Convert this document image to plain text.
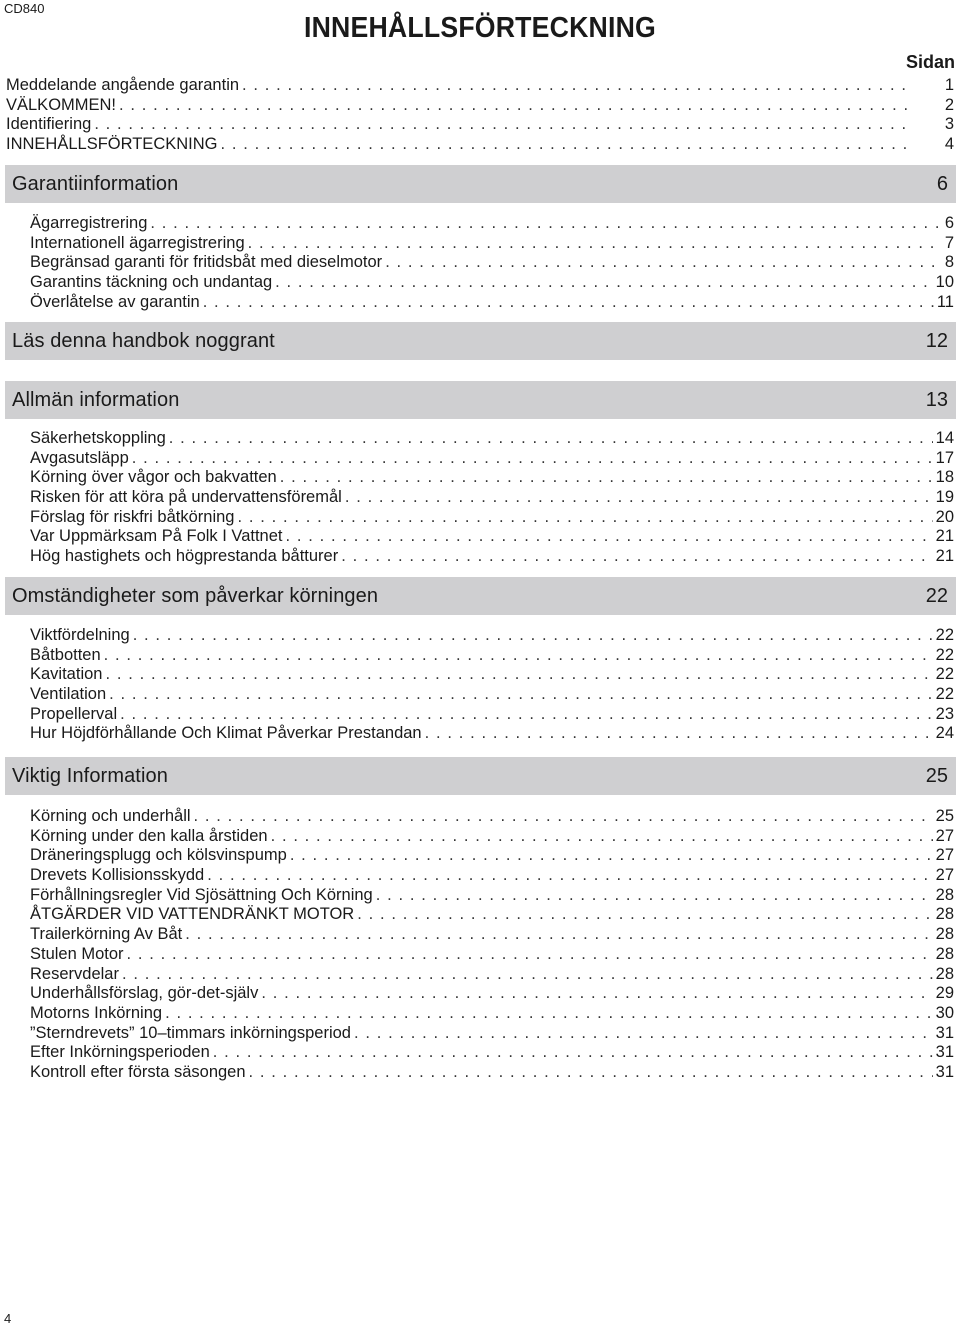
CD840
INNEHÅLLSFÖRTECKNING
Sidan
Meddelande angående garantin . . .	1
VÄLKOMMEN! . . .	2
Identifiering . . .	3
INNEHÅLLSFÖRTECKNING . . .	4
Garantiinformation	6
Ägarregistrering . . .	6
Internationell ägarregistrering . . .	7
Begränsad garanti för fritidsbåt med dieselmotor . . .	8
Garantins täckning och undantag . . .	10
Överlåtelse av garantin . . .	11
Läs denna handbok noggrant	12
Allmän information	13
Säkerhetskoppling . . .	14
Avgasutsläpp . . .	17
Körning över vågor och bakvatten . . .	18
Risken för att köra på undervattensföremål . . .	19
Förslag för riskfri båtkörning . . .	20
Var Uppmärksam På Folk I Vattnet . . .	21
Hög hastighets och högprestanda båtturer . . .	21
Omständigheter som påverkar körningen	22
Viktfördelning . . .	22
Båtbotten . . .	22
Kavitation . . .	22
Ventilation . . .	22
Propellerval . . .	23
Hur Höjdförhållande Och Klimat Påverkar Prestandan . . .	24
Viktig Information	25
Körning och underhåll . . .	25
Körning under den kalla årstiden . . .	27
Dräneringsplugg och kölsvinspump . . .	27
Drevets Kollisionsskydd . . .	27
Förhållningsregler Vid Sjösättning Och Körning . . .	28
ÅTGÄRDER VID VATTENDRÄNKT MOTOR . . .	28
Trailerkörning Av Båt . . .	28
Stulen Motor . . .	28
Reservdelar . . .	28
Underhållsförslag, gör-det-själv . . .	29
Motorns Inkörning . . .	30
”Sterndrevets” 10–timmars inkörningsperiod . . .	31
Efter Inkörningsperioden . . .	31
Kontroll efter första säsongen . . .	31
4
